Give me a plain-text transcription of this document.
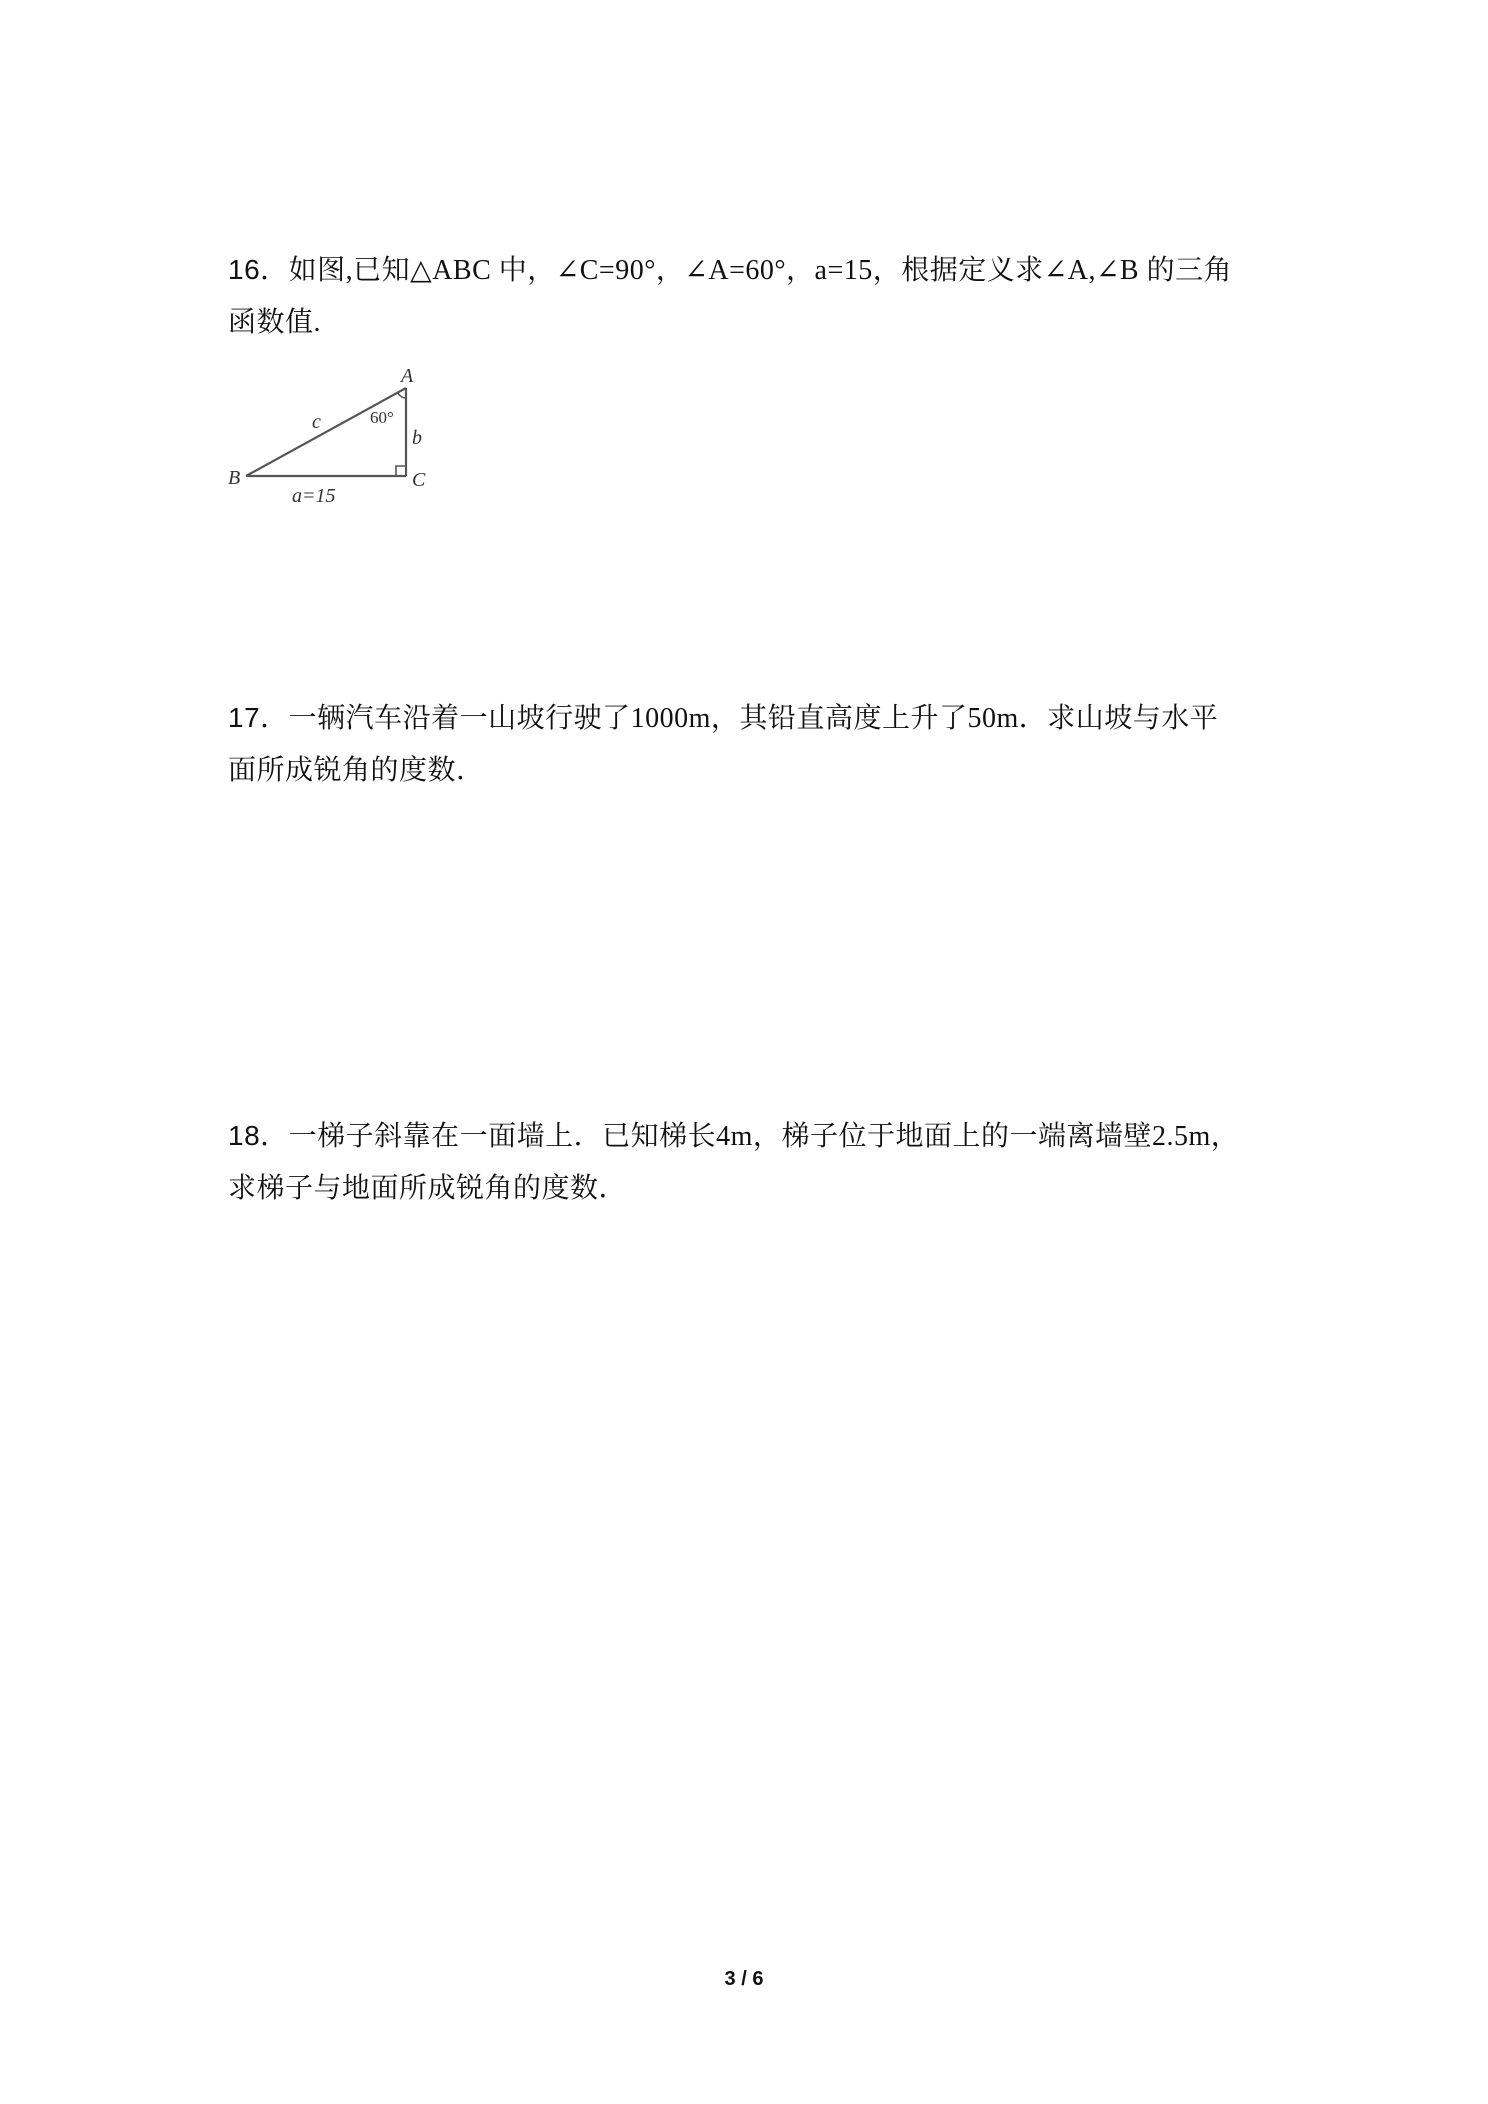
16．如图,已知△ABC 中，∠C=90°，∠A=60°，a=15，根据定义求∠A,∠B 的三角

函数值.

A
B	C
c
b
60°
a=15

17．一辆汽车沿着一山坡行驶了1000m，其铅直高度上升了50m．求山坡与水平

面所成锐角的度数．

18．一梯子斜靠在一面墙上．已知梯长4m，梯子位于地面上的一端离墙壁2.5m，

求梯子与地面所成锐角的度数．

3 / 6
